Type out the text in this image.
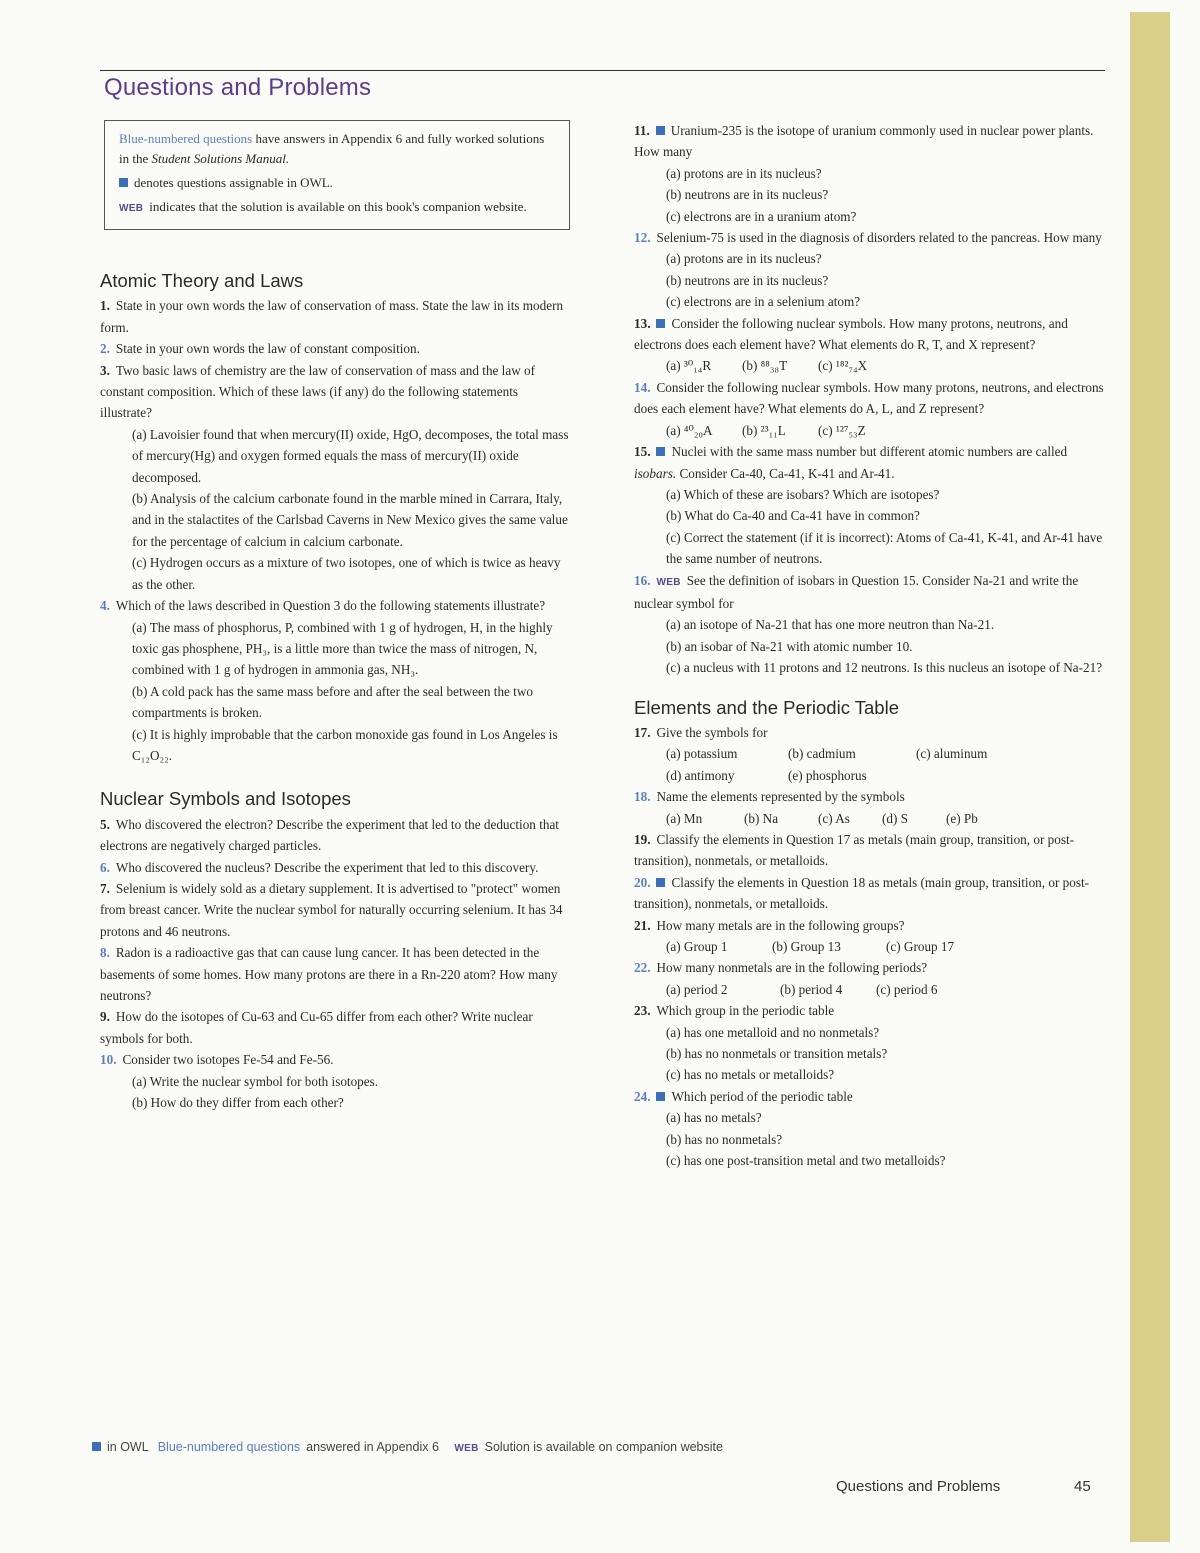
Questions and Problems

Blue-numbered questions have answers in Appendix 6 and fully worked solutions in the Student Solutions Manual.

denotes questions assignable in OWL.

WEB indicates that the solution is available on this book's companion website.

Atomic Theory and Laws

1. State in your own words the law of conservation of mass. State the law in its modern form.

2. State in your own words the law of constant composition.

3. Two basic laws of chemistry are the law of conservation of mass and the law of constant composition. Which of these laws (if any) do the following statements illustrate?

(a) Lavoisier found that when mercury(II) oxide, HgO, decomposes, the total mass of mercury(Hg) and oxygen formed equals the mass of mercury(II) oxide decomposed.

(b) Analysis of the calcium carbonate found in the marble mined in Carrara, Italy, and in the stalactites of the Carlsbad Caverns in New Mexico gives the same value for the percentage of calcium in calcium carbonate.

(c) Hydrogen occurs as a mixture of two isotopes, one of which is twice as heavy as the other.

4. Which of the laws described in Question 3 do the following statements illustrate?

(a) The mass of phosphorus, P, combined with 1 g of hydrogen, H, in the highly toxic gas phosphene, PH₃, is a little more than twice the mass of nitrogen, N, combined with 1 g of hydrogen in ammonia gas, NH₃.

(b) A cold pack has the same mass before and after the seal between the two compartments is broken.

(c) It is highly improbable that the carbon monoxide gas found in Los Angeles is C₁₂O₂₂.

Nuclear Symbols and Isotopes

5. Who discovered the electron? Describe the experiment that led to the deduction that electrons are negatively charged particles.

6. Who discovered the nucleus? Describe the experiment that led to this discovery.

7. Selenium is widely sold as a dietary supplement. It is advertised to "protect" women from breast cancer. Write the nuclear symbol for naturally occurring selenium. It has 34 protons and 46 neutrons.

8. Radon is a radioactive gas that can cause lung cancer. It has been detected in the basements of some homes. How many protons are there in a Rn-220 atom? How many neutrons?

9. How do the isotopes of Cu-63 and Cu-65 differ from each other? Write nuclear symbols for both.

10. Consider two isotopes Fe-54 and Fe-56.

(a) Write the nuclear symbol for both isotopes.

(b) How do they differ from each other?

11. Uranium-235 is the isotope of uranium commonly used in nuclear power plants. How many

(a) protons are in its nucleus?

(b) neutrons are in its nucleus?

(c) electrons are in a uranium atom?

12. Selenium-75 is used in the diagnosis of disorders related to the pancreas. How many

(a) protons are in its nucleus?

(b) neutrons are in its nucleus?

(c) electrons are in a selenium atom?

13. Consider the following nuclear symbols. How many protons, neutrons, and electrons does each element have? What elements do R, T, and X represent?

(a) ³⁰₁₄R (b) ⁸⁸₃₈T (c) ¹⁸²₇₄X

14. Consider the following nuclear symbols. How many protons, neutrons, and electrons does each element have? What elements do A, L, and Z represent?

(a) ⁴⁰₂₀A (b) ²³₁₁L (c) ¹²⁷₅₃Z

15. Nuclei with the same mass number but different atomic numbers are called isobars. Consider Ca-40, Ca-41, K-41 and Ar-41.

(a) Which of these are isobars? Which are isotopes?

(b) What do Ca-40 and Ca-41 have in common?

(c) Correct the statement (if it is incorrect): Atoms of Ca-41, K-41, and Ar-41 have the same number of neutrons.

16. WEB See the definition of isobars in Question 15. Consider Na-21 and write the nuclear symbol for

(a) an isotope of Na-21 that has one more neutron than Na-21.

(b) an isobar of Na-21 with atomic number 10.

(c) a nucleus with 11 protons and 12 neutrons. Is this nucleus an isotope of Na-21?

Elements and the Periodic Table

17. Give the symbols for

(a) potassium	(b) cadmium	(c) aluminum

(d) antimony	(e) phosphorus

18. Name the elements represented by the symbols

(a) Mn	(b) Na	(c) As (d) S	(e) Pb

19. Classify the elements in Question 17 as metals (main group, transition, or post-transition), nonmetals, or metalloids.

20. Classify the elements in Question 18 as metals (main group, transition, or post-transition), nonmetals, or metalloids.

21. How many metals are in the following groups?

(a) Group 1	(b) Group 13	(c) Group 17

22. How many nonmetals are in the following periods?

(a) period 2	(b) period 4	(c) period 6

23. Which group in the periodic table

(a) has one metalloid and no nonmetals?

(b) has no nonmetals or transition metals?

(c) has no metals or metalloids?

24. Which period of the periodic table

(a) has no metals?

(b) has no nonmetals?

(c) has one post-transition metal and two metalloids?

in OWL Blue-numbered questions answered in Appendix 6 WEB Solution is available on companion website
Questions and Problems	45
